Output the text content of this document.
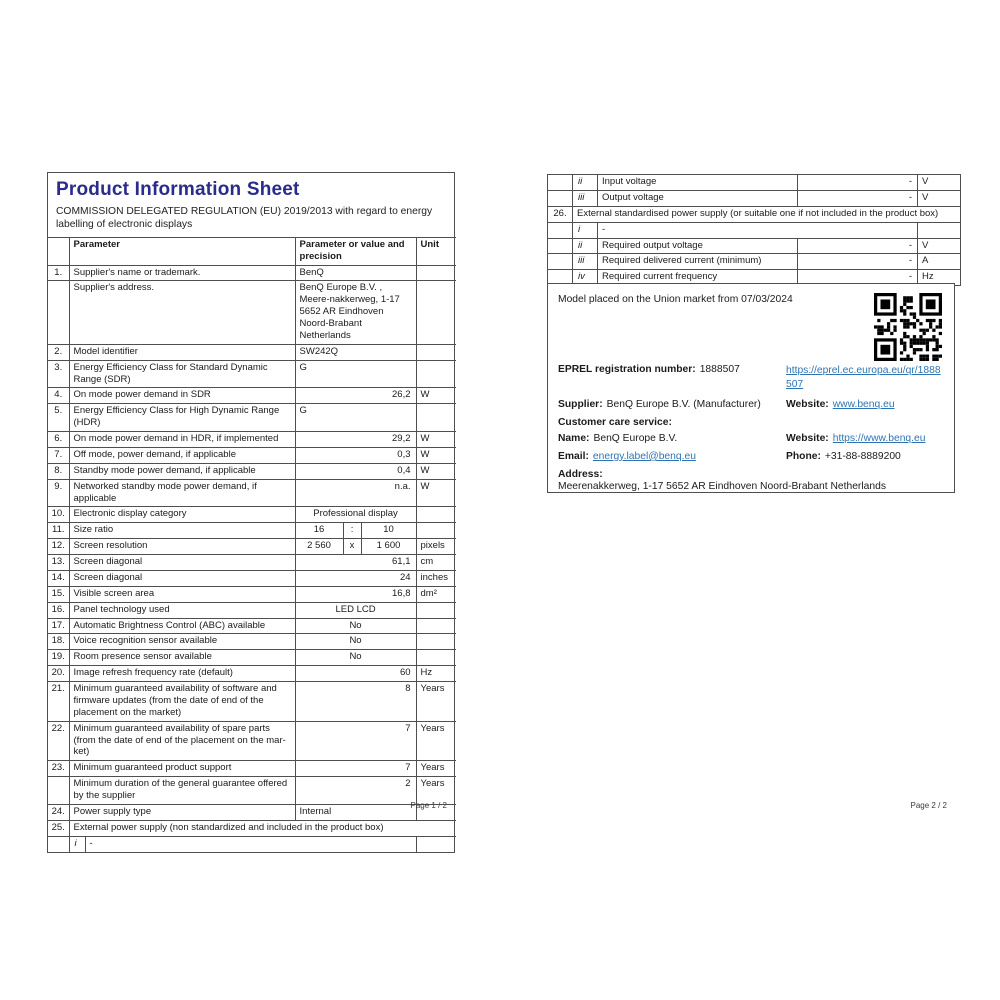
Product Information Sheet
COMMISSION DELEGATED REGULATION (EU) 2019/2013 with regard to energy labelling of electronic displays
	Parameter		Parameter or value and precision			Unit
1.	Supplier's name or trademark.		BenQ			
	Supplier's address.		BenQ Europe B.V. , Meere-nakkerweg, 1-17 5652 AR Eindhoven Noord-Brabant Netherlands			
2.	Model identifier		SW242Q			
3.	Energy Efficiency Class for Standard Dynamic Range (SDR)		G			
4.	On mode power demand in SDR		26,2			W
5.	Energy Efficiency Class for High Dynamic Range (HDR)		G			
6.	On mode power demand in HDR, if implemented		29,2			W
7.	Off mode, power demand, if applicable		0,3			W
8.	Standby mode power demand, if applicable		0,4			W
9.	Networked standby mode power demand, if applicable		n.a.			W
10.	Electronic display category		Professional display			
11.	Size ratio		16	:	10	
12.	Screen resolution		2 560	x	1 600	pixels
13.	Screen diagonal		61,1			cm
14.	Screen diagonal		24			inches
15.	Visible screen area		16,8			dm²
16.	Panel technology used		LED LCD			
17.	Automatic Brightness Control (ABC) available		No			
18.	Voice recognition sensor available		No			
19.	Room presence sensor available		No			
20.	Image refresh frequency rate (default)		60			Hz
21.	Minimum guaranteed availability of software and firmware updates (from the date of end of the placement on the market)		8			Years
22.	Minimum guaranteed availability of spare parts (from the date of end of the placement on the mar-ket)		7			Years
23.	Minimum guaranteed product support		7			Years
	Minimum duration of the general guarantee offered by the supplier		2			Years
24.	Power supply type		Internal			
25.	External power supply (non standardized and included in the product box)					
	i	-				
Page 1 / 2
	ii	Input voltage	-	V
	iii	Output voltage	-	V
26.	External standardised power supply (or suitable one if not included in the product box)			
	i	-		
	ii	Required output voltage	-	V
	iii	Required delivered current (minimum)	-	A
	iv	Required current frequency	-	Hz
Model placed on the Union market from 07/03/2024
EPREL registration number: 1888507	https://eprel.ec.europa.eu/qr/1888507
Supplier: BenQ Europe B.V. (Manufacturer)	Website: www.benq.eu
Customer care service:
Name: BenQ Europe B.V.	Website: https://www.benq.eu
Email: energy.label@benq.eu	Phone: +31-88-8889200
Address:
Meerenakkerweg, 1-17 5652 AR Eindhoven Noord-Brabant Netherlands
Page 2 / 2
